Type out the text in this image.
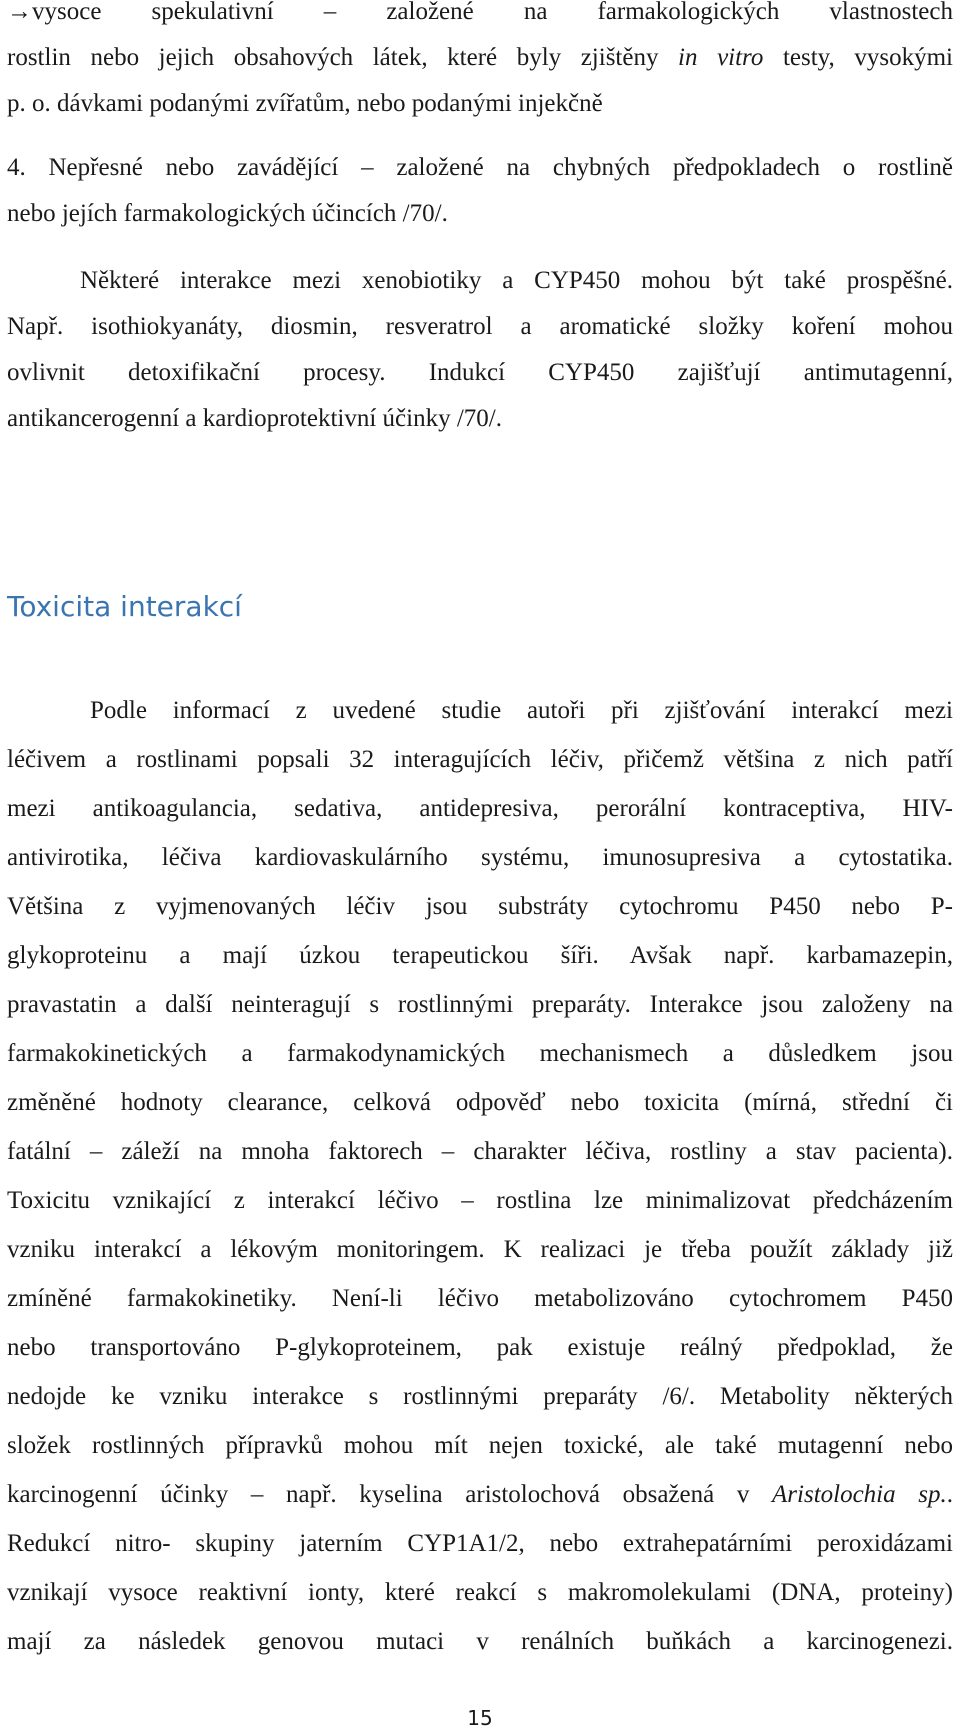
→vysoce spekulativní – založené na farmakologických vlastnostech
rostlin nebo jejich obsahových látek, které byly zjištěny in vitro testy, vysokými
p. o. dávkami podanými zvířatům, nebo podanými injekčně
4. Nepřesné nebo zavádějící – založené na chybných předpokladech o rostlině
nebo jejích farmakologických účincích /70/.
Některé interakce mezi xenobiotiky a CYP450 mohou být také prospěšné.
Např. isothiokyanáty, diosmin, resveratrol a aromatické složky koření mohou
ovlivnit detoxifikační procesy. Indukcí CYP450 zajišťují antimutagenní,
antikancerogenní a kardioprotektivní účinky /70/.
Toxicita interakcí
Podle informací z uvedené studie autoři při zjišťování interakcí mezi
léčivem a rostlinami popsali 32 interagujících léčiv, přičemž většina z nich patří
mezi antikoagulancia, sedativa, antidepresiva, perorální kontraceptiva, HIV-
antivirotika, léčiva kardiovaskulárního systému, imunosupresiva a cytostatika.
Většina z vyjmenovaných léčiv jsou substráty cytochromu P450 nebo P-
glykoproteinu a mají úzkou terapeutickou šíři. Avšak např. karbamazepin,
pravastatin a další neinteragují s rostlinnými preparáty. Interakce jsou založeny na
farmakokinetických a farmakodynamických mechanismech a důsledkem jsou
změněné hodnoty clearance, celková odpověď nebo toxicita (mírná, střední či
fatální – záleží na mnoha faktorech – charakter léčiva, rostliny a stav pacienta).
Toxicitu vznikající z interakcí léčivo – rostlina lze minimalizovat předcházením
vzniku interakcí a lékovým monitoringem. K realizaci je třeba použít základy již
zmíněné farmakokinetiky. Není-li léčivo metabolizováno cytochromem P450
nebo transportováno P-glykoproteinem, pak existuje reálný předpoklad, že
nedojde ke vzniku interakce s rostlinnými preparáty /6/. Metabolity některých
složek rostlinných přípravků mohou mít nejen toxické, ale také mutagenní nebo
karcinogenní účinky – např. kyselina aristolochová obsažená v Aristolochia sp..
Redukcí nitro- skupiny jaterním CYP1A1/2, nebo extrahepatárními peroxidázami
vznikají vysoce reaktivní ionty, které reakcí s makromolekulami (DNA, proteiny)
mají za následek genovou mutaci v renálních buňkách a karcinogenezi.
15
